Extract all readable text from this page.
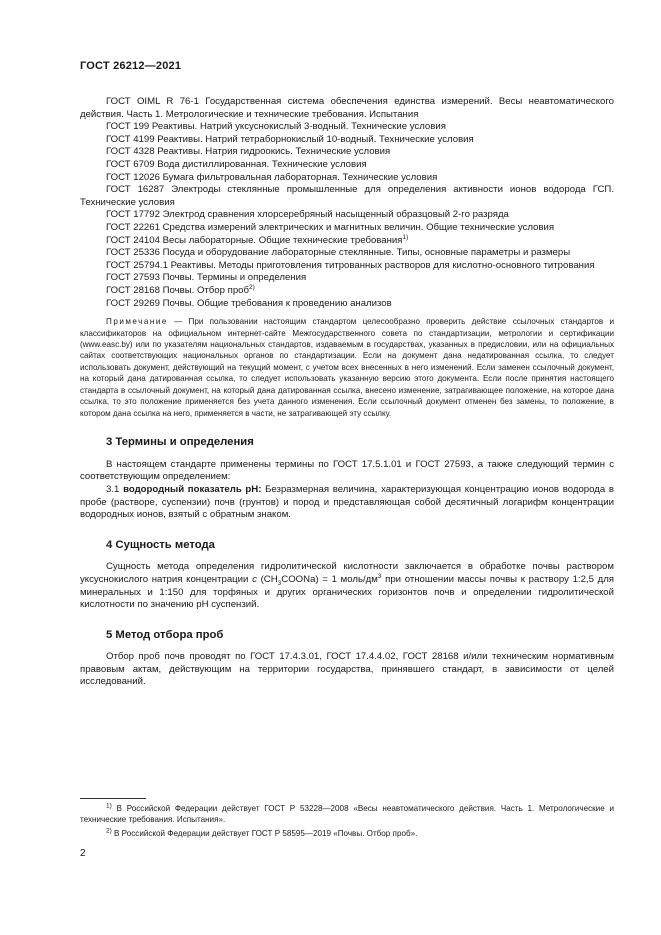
ГОСТ 26212—2021
ГОСТ OIML R 76-1 Государственная система обеспечения единства измерений. Весы неавтоматического действия. Часть 1. Метрологические и технические требования. Испытания
ГОСТ 199 Реактивы. Натрий уксуснокислый 3-водный. Технические условия
ГОСТ 4199 Реактивы. Натрий тетраборнокислый 10-водный. Технические условия
ГОСТ 4328 Реактивы. Натрия гидроокись. Технические условия
ГОСТ 6709 Вода дистиллированная. Технические условия
ГОСТ 12026 Бумага фильтровальная лабораторная. Технические условия
ГОСТ 16287 Электроды стеклянные промышленные для определения активности ионов водорода ГСП. Технические условия
ГОСТ 17792 Электрод сравнения хлорсеребряный насыщенный образцовый 2-го разряда
ГОСТ 22261 Средства измерений электрических и магнитных величин. Общие технические условия
ГОСТ 24104 Весы лабораторные. Общие технические требования$^{1)}$
ГОСТ 25336 Посуда и оборудование лабораторные стеклянные. Типы, основные параметры и размеры
ГОСТ 25794.1 Реактивы. Методы приготовления титрованных растворов для кислотно-основного титрования
ГОСТ 27593 Почвы. Термины и определения
ГОСТ 28168 Почвы. Отбор проб$^{2)}$
ГОСТ 29269 Почвы. Общие требования к проведению анализов
Примечание — При пользовании настоящим стандартом целесообразно проверить действие ссылочных стандартов и классификаторов на официальном интернет-сайте Межгосударственного совета по стандартизации, метрологии и сертификации (www.easc.by) или по указателям национальных стандартов, издаваемым в государствах, указанных в предисловии, или на официальных сайтах соответствующих национальных органов по стандартизации. Если на документ дана недатированная ссылка, то следует использовать документ, действующий на текущий момент, с учетом всех внесенных в него изменений. Если заменен ссылочный документ, на который дана датированная ссылка, то следует использовать указанную версию этого документа. Если после принятия настоящего стандарта в ссылочный документ, на который дана датированная ссылка, внесено изменение, затрагивающее положение, на которое дана ссылка, то это положение применяется без учета данного изменения. Если ссылочный документ отменен без замены, то положение, в котором дана ссылка на него, применяется в части, не затрагивающей эту ссылку.
3 Термины и определения
В настоящем стандарте применены термины по ГОСТ 17.5.1.01 и ГОСТ 27593, а также следующий термин с соответствующим определением:
3.1 водородный показатель рН: Безразмерная величина, характеризующая концентрацию ионов водорода в пробе (растворе, суспензии) почв (грунтов) и пород и представляющая собой десятичный логарифм концентрации водородных ионов, взятый с обратным знаком.
4 Сущность метода
Сущность метода определения гидролитической кислотности заключается в обработке почвы раствором уксуснокислого натрия концентрации c $(CH_3COONa) = 1$ моль/$дм^3$ при отношении массы почвы к раствору 1:2,5 для минеральных и 1:150 для торфяных и других органических горизонтов почв и определении гидролитической кислотности по значению рН суспензий.
5 Метод отбора проб
Отбор проб почв проводят по ГОСТ 17.4.3.01, ГОСТ 17.4.4.02, ГОСТ 28168 и/или техническим нормативным правовым актам, действующим на территории государства, принявшего стандарт, в зависимости от целей исследований.
$^{1)}$ В Российской Федерации действует ГОСТ Р 53228—2008 «Весы неавтоматического действия. Часть 1. Метрологические и технические требования. Испытания».
$^{2)}$ В Российской Федерации действует ГОСТ Р 58595—2019 «Почвы. Отбор проб».
2
